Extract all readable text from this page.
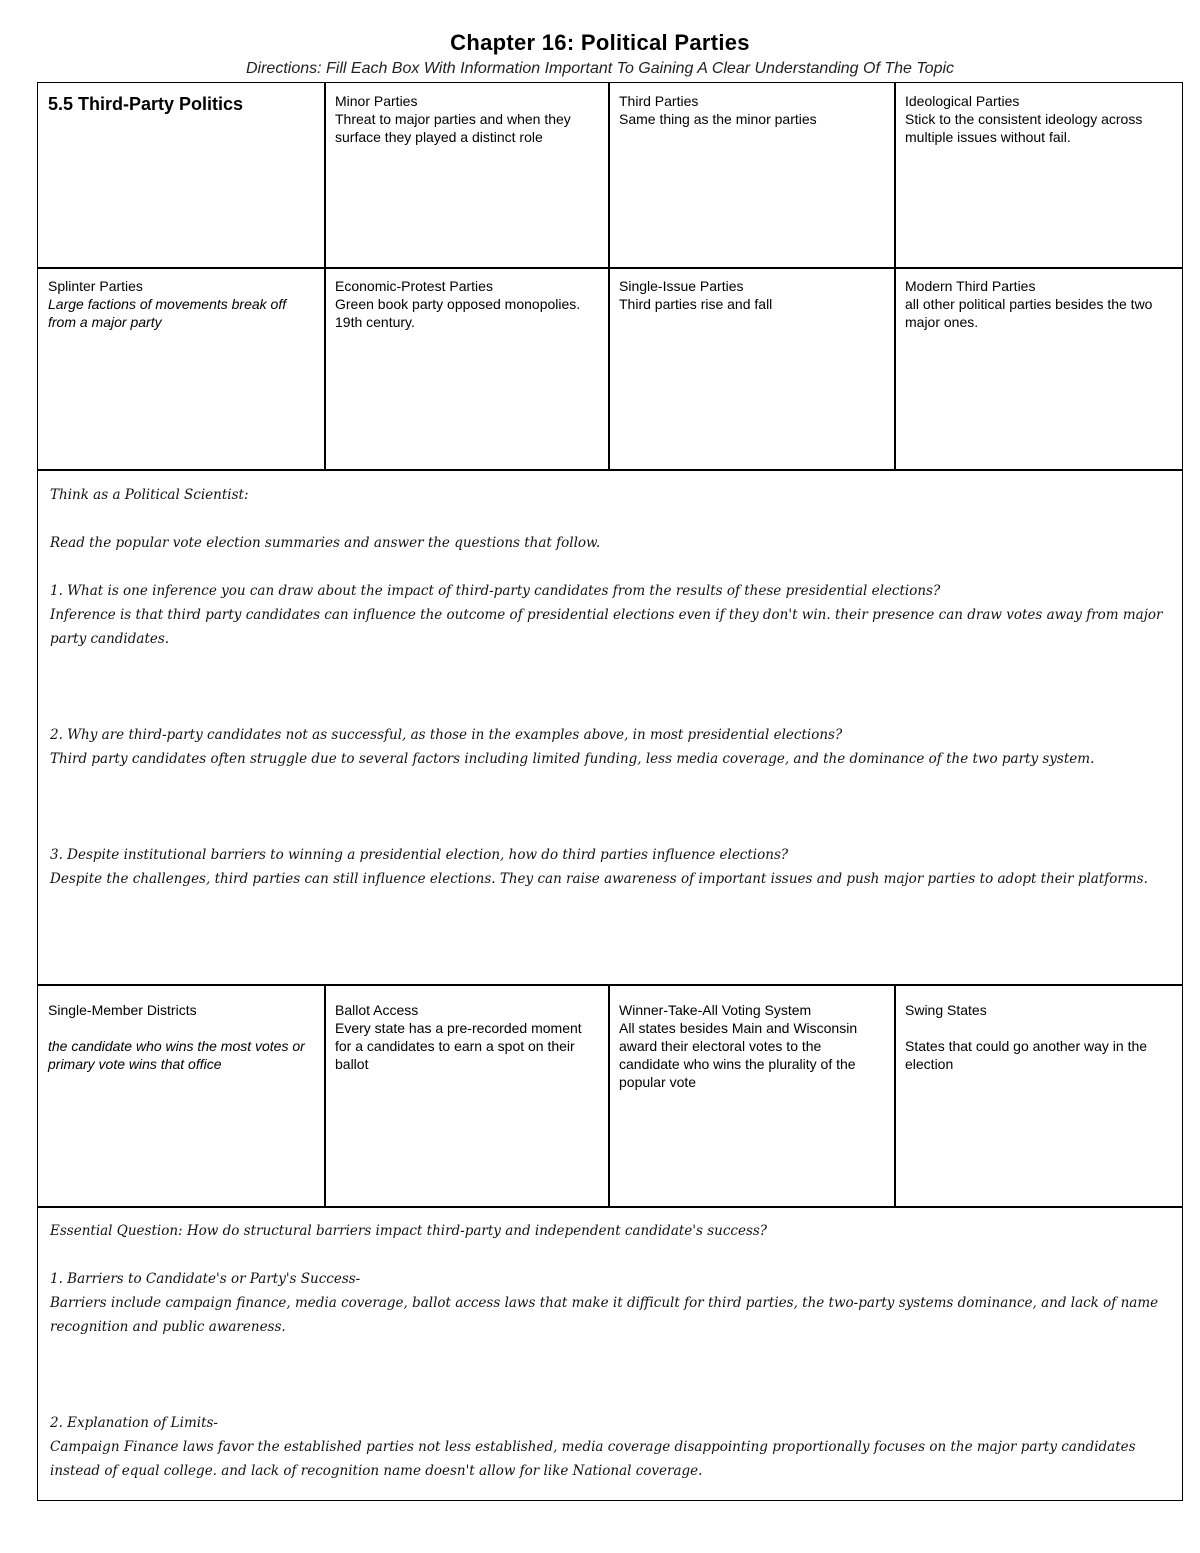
Chapter 16: Political Parties
Directions: Fill Each Box With Information Important To Gaining A Clear Understanding Of The Topic
5.5 Third-Party Politics	Minor Parties
Threat to major parties and when they surface they played a distinct role
Third Parties
Same thing as the minor parties
Ideological Parties
Stick to the consistent ideology across multiple issues without fail.
Splinter Parties
Large factions of movements break off from a major party
Economic-Protest Parties
Green book party opposed monopolies. 19th century.
Single-Issue Parties
Third parties rise and fall
Modern Third Parties
all other political parties besides the two major ones.

Think as a Political Scientist:

Read the popular vote election summaries and answer the questions that follow.

1. What is one inference you can draw about the impact of third-party candidates from the results of these presidential elections?

Inference is that third party candidates can influence the outcome of presidential elections even if they don't win. their presence can draw votes away from major party candidates.

2. Why are third-party candidates not as successful, as those in the examples above, in most presidential elections?

Third party candidates often struggle due to several factors including limited funding, less media coverage, and the dominance of the two party system.

3. Despite institutional barriers to winning a presidential election, how do third parties influence elections?

Despite the challenges, third parties can still influence elections. They can raise awareness of important issues and push major parties to adopt their platforms.

Single-Member Districts
the candidate who wins the most votes or primary vote wins that office
Ballot Access
Every state has a pre-recorded moment for a candidates to earn a spot on their ballot
Winner-Take-All Voting System
All states besides Main and Wisconsin award their electoral votes to the candidate who wins the plurality of the popular vote
Swing States
States that could go another way in the election

Essential Question: How do structural barriers impact third-party and independent candidate's success?

1. Barriers to Candidate's or Party's Success-

Barriers include campaign finance, media coverage, ballot access laws that make it difficult for third parties, the two-party systems dominance, and lack of name recognition and public awareness.

2. Explanation of Limits-

Campaign Finance laws favor the established parties not less established, media coverage disappointing proportionally focuses on the major party candidates instead of equal college. and lack of recognition name doesn't allow for like National coverage.
